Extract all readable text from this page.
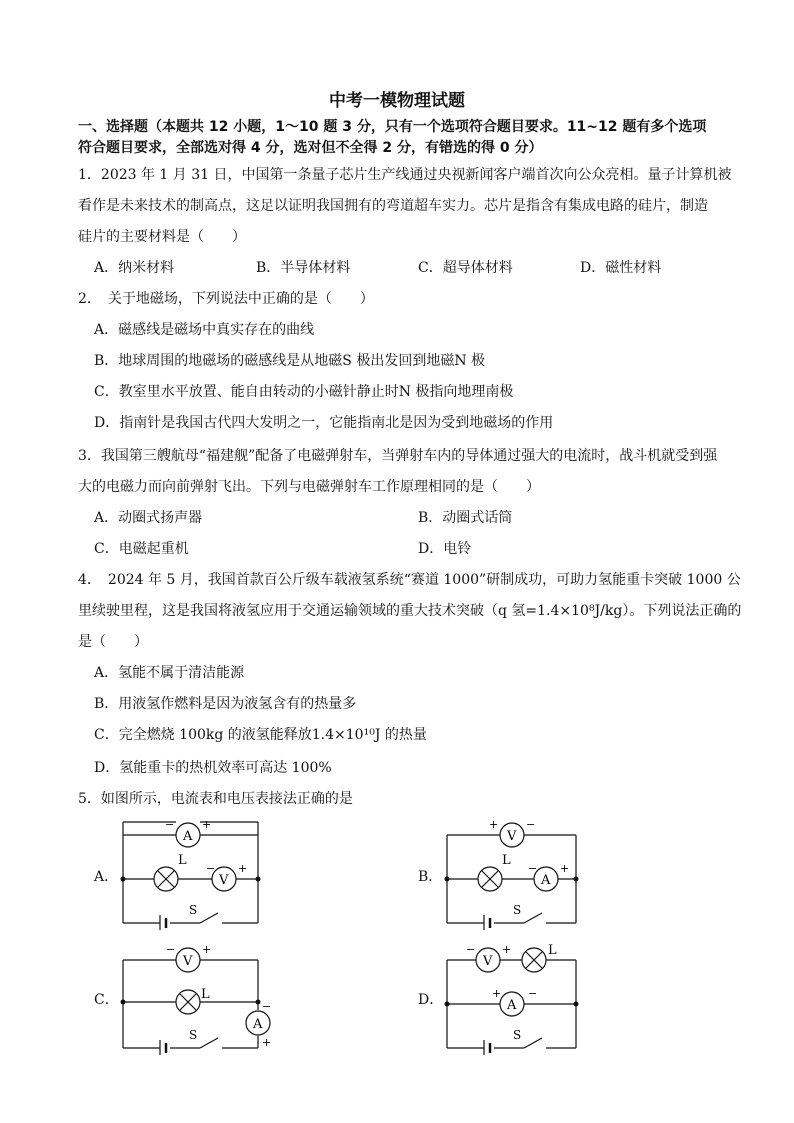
中考一模物理试题
一、选择题（本题共 12 小题，1～10 题 3 分，只有一个选项符合题目要求。11~12 题有多个选项
符合题目要求，全部选对得 4 分，选对但不全得 2 分，有错选的得 0 分）
1．2023 年 1 月 31 日，中国第一条量子芯片生产线通过央视新闻客户端首次向公众亮相。量子计算机被
看作是未来技术的制高点，这足以证明我国拥有的弯道超车实力。芯片是指含有集成电路的硅片，制造
硅片的主要材料是（　　）
A．纳米材料	B．半导体材料	C．超导体材料	D．磁性材料
2．　关于地磁场，下列说法中正确的是（　　）
A．磁感线是磁场中真实存在的曲线
B．地球周围的地磁场的磁感线是从地磁S 极出发回到地磁N 极
C．教室里水平放置、能自由转动的小磁针静止时N 极指向地理南极
D．指南针是我国古代四大发明之一，它能指南北是因为受到地磁场的作用
3．我国第三艘航母“福建舰”配备了电磁弹射车，当弹射车内的导体通过强大的电流时，战斗机就受到强
大的电磁力而向前弹射飞出。下列与电磁弹射车工作原理相同的是（　　）
A．动圈式扬声器	B．动圈式话筒
C．电磁起重机	D．电铃
4．　2024 年 5 月，我国首款百公斤级车载液氢系统“赛道 1000”研制成功，可助力氢能重卡突破 1000 公
里续驶里程，这是我国将液氢应用于交通运输领域的重大技术突破（q 氢=1.4×10⁸J/kg）。下列说法正确的
是（　　）
A．氢能不属于清洁能源
B．用液氢作燃料是因为液氢含有的热量多
C．完全燃烧 100kg 的液氢能释放1.4×10¹⁰J 的热量
D．氢能重卡的热机效率可高达 100%
5．如图所示，电流表和电压表接法正确的是
A．	B．
C．	D．
A
V
L
S
−	+
− +
V
A
L
S
+	−
− +
V
A
L
S
− +
−
+
V
A
L
S
− +
+ −
